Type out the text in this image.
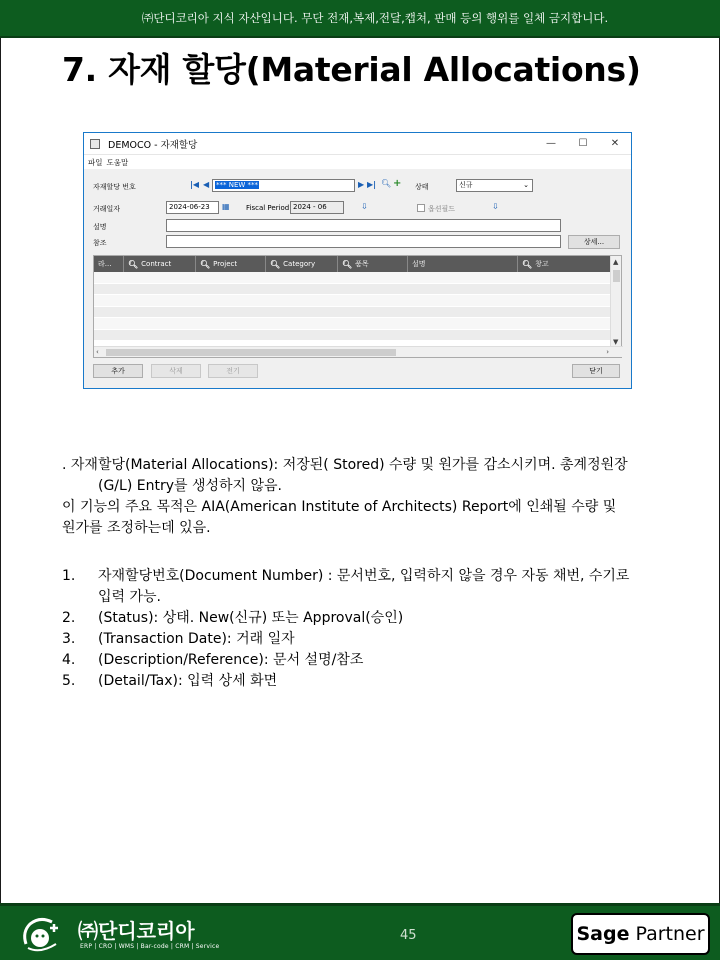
㈜단디코리아 지식 자산입니다. 무단 전재,복제,전달,캡쳐, 판매 등의 행위를 일체 금지합니다.
7. 자재 할당(Material Allocations)
DEMOCO - 자재할당	—	☐	✕
파일 도움말
자재할당 번호	|◀ ◀ *** NEW ***	▶ ▶| 🔍︎ + 상태	신규	⌄
거래일자	2024-06-23	▦ Fiscal Period 2024 - 06	⇩	옵션필드	⇩
설명
참조	상세...
라... 🔍︎ Contract	🔍︎ Project	🔍︎ Category	🔍︎ 품목	설명	🔍︎ 창고	▲
▼
‹	›
추가	삭제	전기	닫기

. 자재할당(Material Allocations): 저장된( Stored) 수량 및 원가를 감소시키며. 총계정원장

(G/L) Entry를 생성하지 않음.

이 기능의 주요 목적은 AIA(American Institute of Architects) Report에 인쇄될 수량 및

원가를 조정하는데 있음.

1.	자재할당번호(Document Number) : 문서번호, 입력하지 않을 경우 자동 채번, 수기로
입력 가능.
2.	(Status): 상태. New(신규) 또는 Approval(승인)
3.	(Transaction Date): 거래 일자
4.	(Description/Reference): 문서 설명/참조
5.	(Detail/Tax): 입력 상세 화면
㈜단디코리아
ERP | CRO | WMS | Bar-code | CRM | Service
45	Sage Partner
